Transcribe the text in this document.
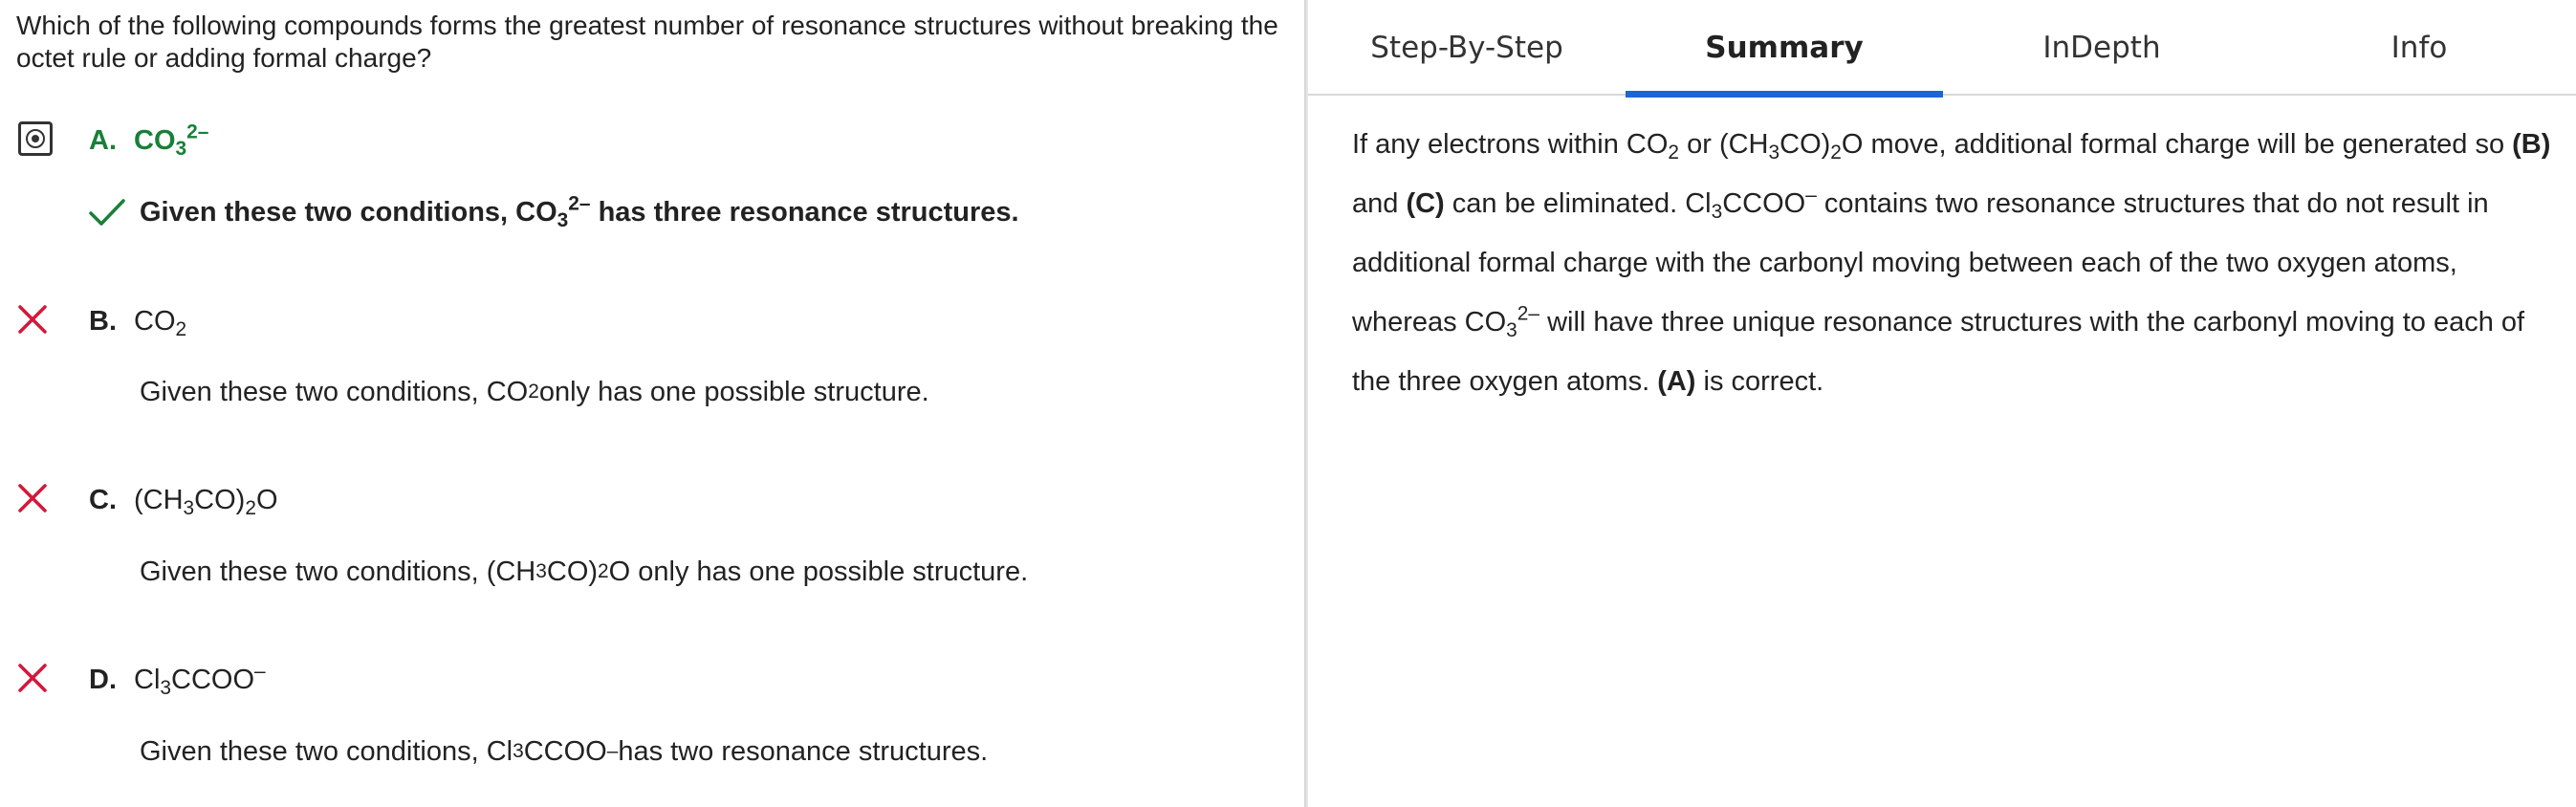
Which of the following compounds forms the greatest number of resonance structures without breaking the octet rule or adding formal charge?
A. $CO_3^{2-}$
Given these two conditions, $CO_3^{2-}$ has three resonance structures.
B. $CO_2$
Given these two conditions, CO 2 only has one possible structure.
C. $(CH_3CO)_2O$
Given these two conditions, (CH 3 CO) 2 O only has one possible structure.
D. $Cl_3CCOO^-$
Given these two conditions, Cl 3 CCOO – has two resonance structures.
Step-By-Step	Summary	InDepth	Info
If any electrons within $CO_2$ or $(CH_3CO)_2O$ move, additional formal charge will be generated so (B) and (C) can be eliminated. $Cl_3CCOO^-$ contains two resonance structures that do not result in additional formal charge with the carbonyl moving between each of the two oxygen atoms, whereas $CO_3^{2-}$ will have three unique resonance structures with the carbonyl moving to each of the three oxygen atoms. (A) is correct.
